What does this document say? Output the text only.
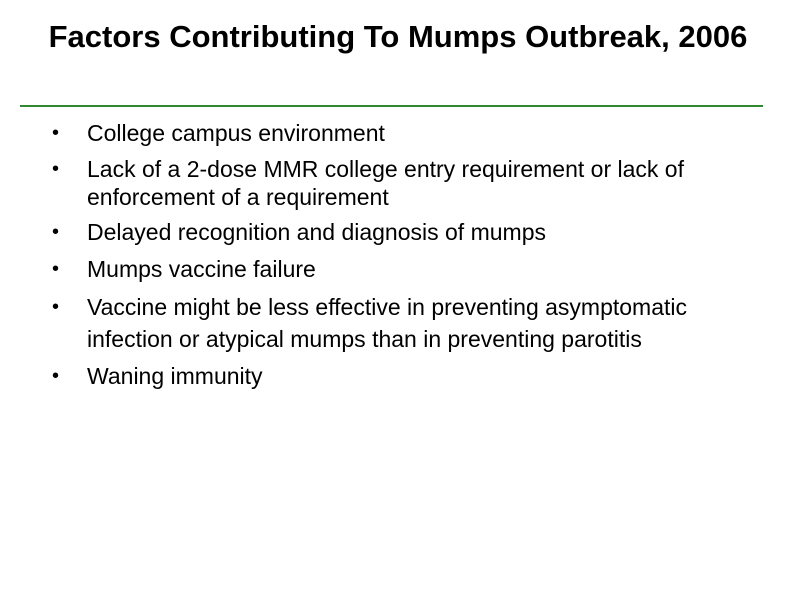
Factors Contributing To Mumps Outbreak, 2006
•	College campus environment
•	Lack of a 2-dose MMR college entry requirement or lack of enforcement of a requirement
•	Delayed recognition and diagnosis of mumps
•	Mumps vaccine failure
•	Vaccine might be less effective in preventing asymptomatic infection or atypical mumps than in preventing parotitis
•	Waning immunity
